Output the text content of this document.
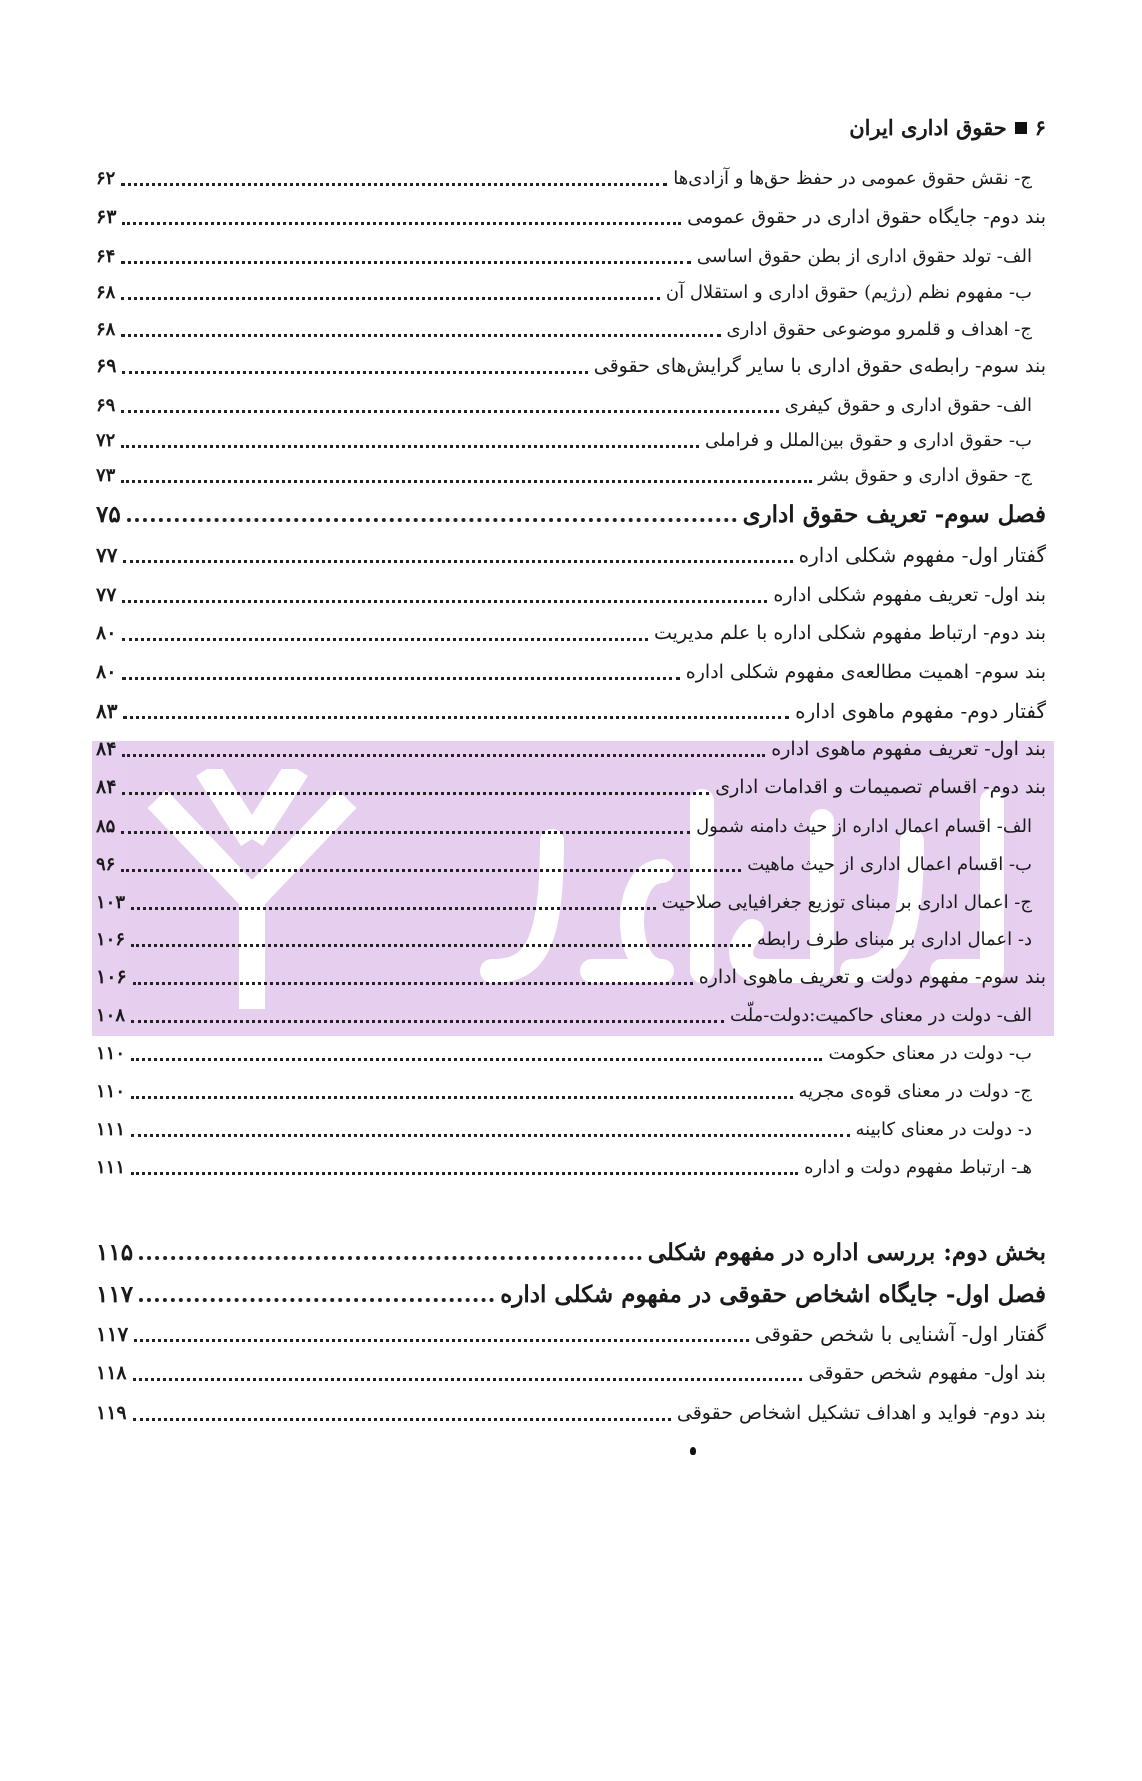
۶
حقوق اداری ایران
ج- نقش حقوق عمومی در حفظ حق‌ها و آزادی‌ها
۶۲
بند دوم- جایگاه حقوق اداری در حقوق عمومی
۶۳
الف- تولد حقوق اداری از بطن حقوق اساسی
۶۴
ب- مفهوم نظم (رژیم) حقوق اداری و استقلال آن
۶۸
ج- اهداف و قلمرو موضوعی حقوق اداری
۶۸
بند سوم- رابطه‌ی حقوق اداری با سایر گرایش‌های حقوقی
۶۹
الف- حقوق اداری و حقوق کیفری
۶۹
ب- حقوق اداری و حقوق بین‌الملل و فراملی
۷۲
ج- حقوق اداری و حقوق بشر
۷۳
فصل سوم- تعریف حقوق اداری
۷۵
گفتار اول- مفهوم شکلی اداره
۷۷
بند اول- تعریف مفهوم شکلی اداره
۷۷
بند دوم- ارتباط مفهوم شکلی اداره با علم مدیریت
۸۰
بند سوم- اهمیت مطالعه‌ی مفهوم شکلی اداره
۸۰
گفتار دوم- مفهوم ماهوی اداره
۸۳
بند اول- تعریف مفهوم ماهوی اداره
۸۴
بند دوم- اقسام تصمیمات و اقدامات اداری
۸۴
الف- اقسام اعمال اداره از حیث دامنه شمول
۸۵
ب- اقسام اعمال اداری از حیث ماهیت
۹۶
ج- اعمال اداری بر مبنای توزیع جغرافیایی صلاحیت
۱۰۳
د- اعمال اداری بر مبنای طرف رابطه
۱۰۶
بند سوم- مفهوم دولت و تعریف ماهوی اداره
۱۰۶
الف- دولت در معنای حاکمیت:دولت-ملّت
۱۰۸
ب- دولت در معنای حکومت
۱۱۰
ج- دولت در معنای قوه‌ی مجریه
۱۱۰
د- دولت در معنای کابینه
۱۱۱
هـ- ارتباط مفهوم دولت و اداره
۱۱۱
بخش دوم: بررسی اداره در مفهوم شکلی
۱۱۵
فصل اول- جایگاه اشخاص حقوقی در مفهوم شکلی اداره
۱۱۷
گفتار اول- آشنایی با شخص حقوقی
۱۱۷
بند اول- مفهوم شخص حقوقی
۱۱۸
بند دوم- فواید و اهداف تشکیل اشخاص حقوقی
۱۱۹
